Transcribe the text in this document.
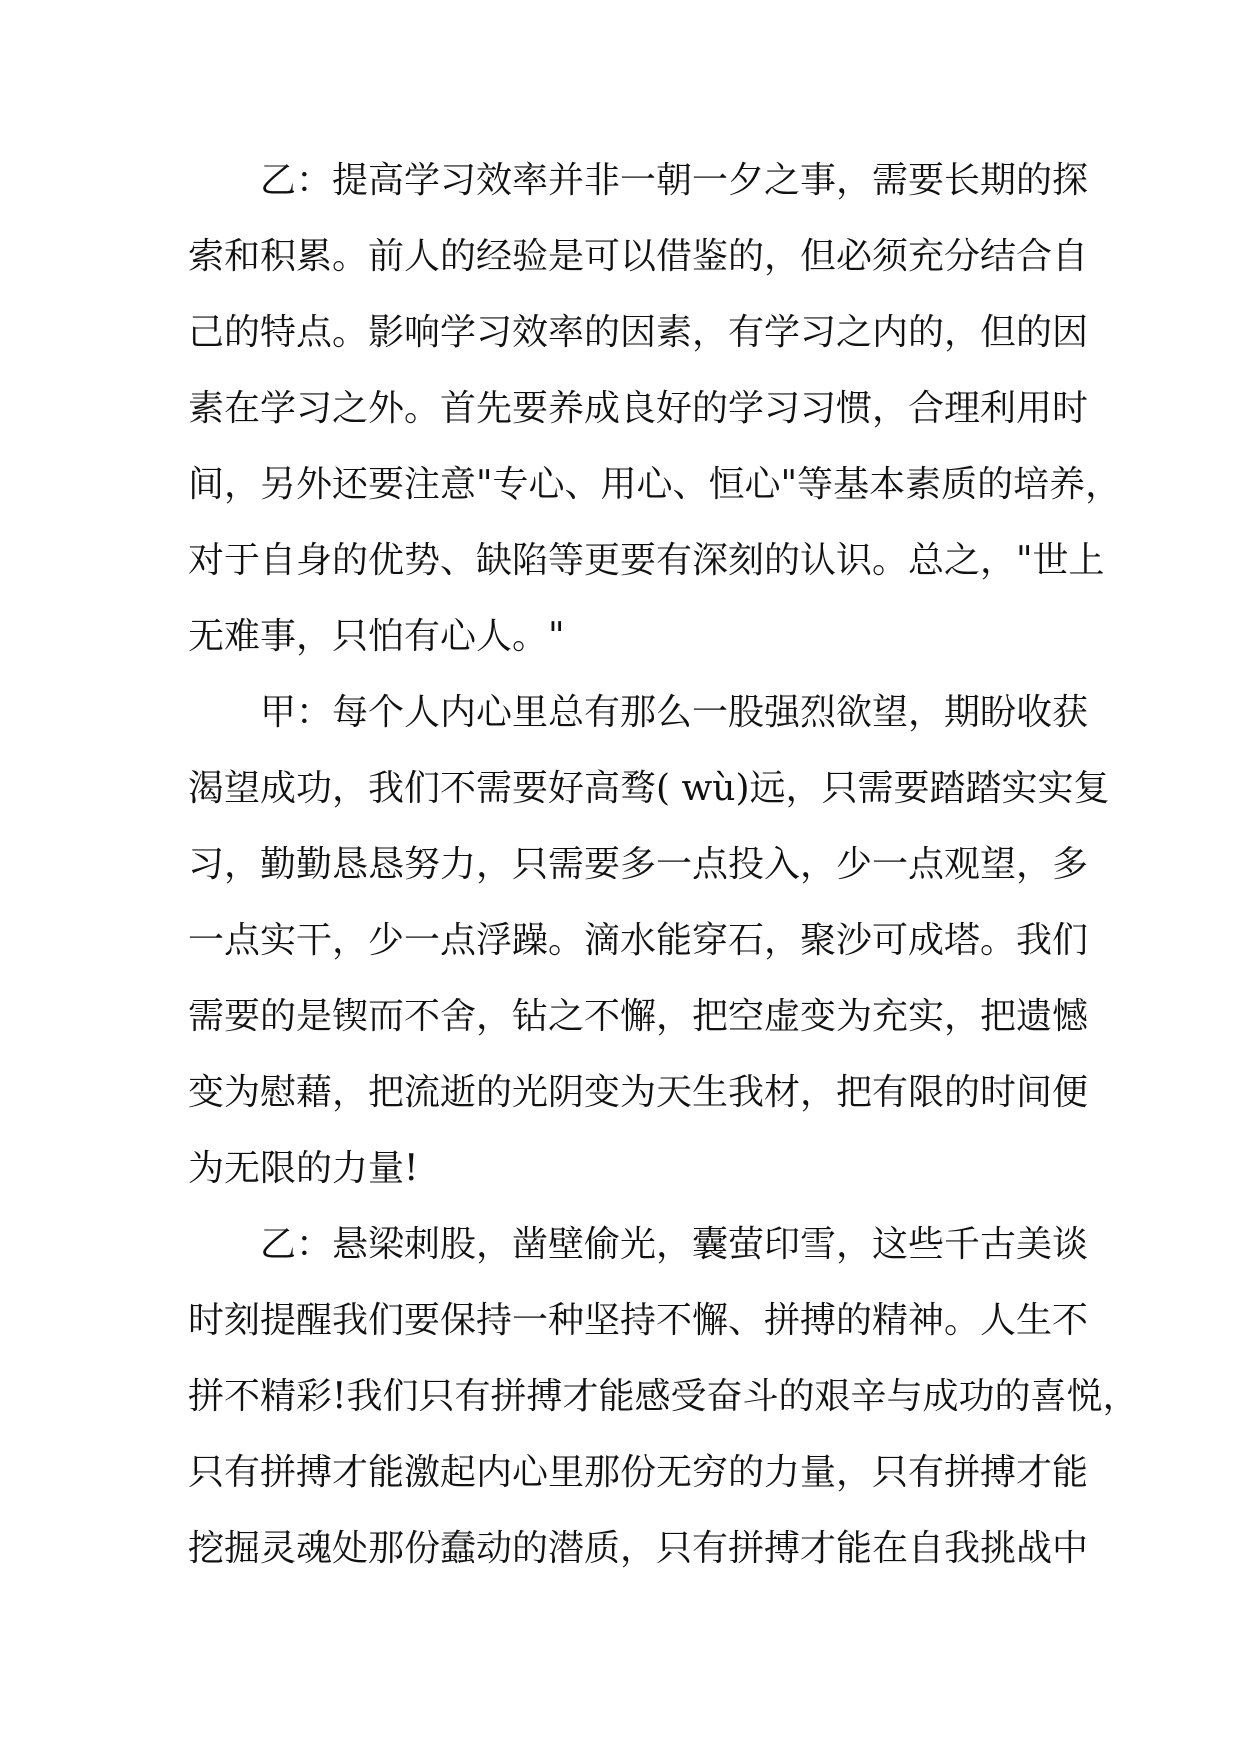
乙：提高学习效率并非一朝一夕之事，需要长期的探
索和积累。前人的经验是可以借鉴的，但必须充分结合自
己的特点。影响学习效率的因素，有学习之内的，但的因
素在学习之外。首先要养成良好的学习习惯，合理利用时
间，另外还要注意"专心、用心、恒心"等基本素质的培养，
对于自身的优势、缺陷等更要有深刻的认识。总之，"世上
无难事，只怕有心人。"
甲：每个人内心里总有那么一股强烈欲望，期盼收获
渴望成功，我们不需要好高骛( wù)远，只需要踏踏实实复
习，勤勤恳恳努力，只需要多一点投入，少一点观望，多
一点实干，少一点浮躁。滴水能穿石，聚沙可成塔。我们
需要的是锲而不舍，钻之不懈，把空虚变为充实，把遗憾
变为慰藉，把流逝的光阴变为天生我材，把有限的时间便
为无限的力量!
乙：悬梁刺股，凿壁偷光，囊萤印雪，这些千古美谈
时刻提醒我们要保持一种坚持不懈、拼搏的精神。人生不
拼不精彩!我们只有拼搏才能感受奋斗的艰辛与成功的喜悦，
只有拼搏才能激起内心里那份无穷的力量，只有拼搏才能
挖掘灵魂处那份蠢动的潜质，只有拼搏才能在自我挑战中
